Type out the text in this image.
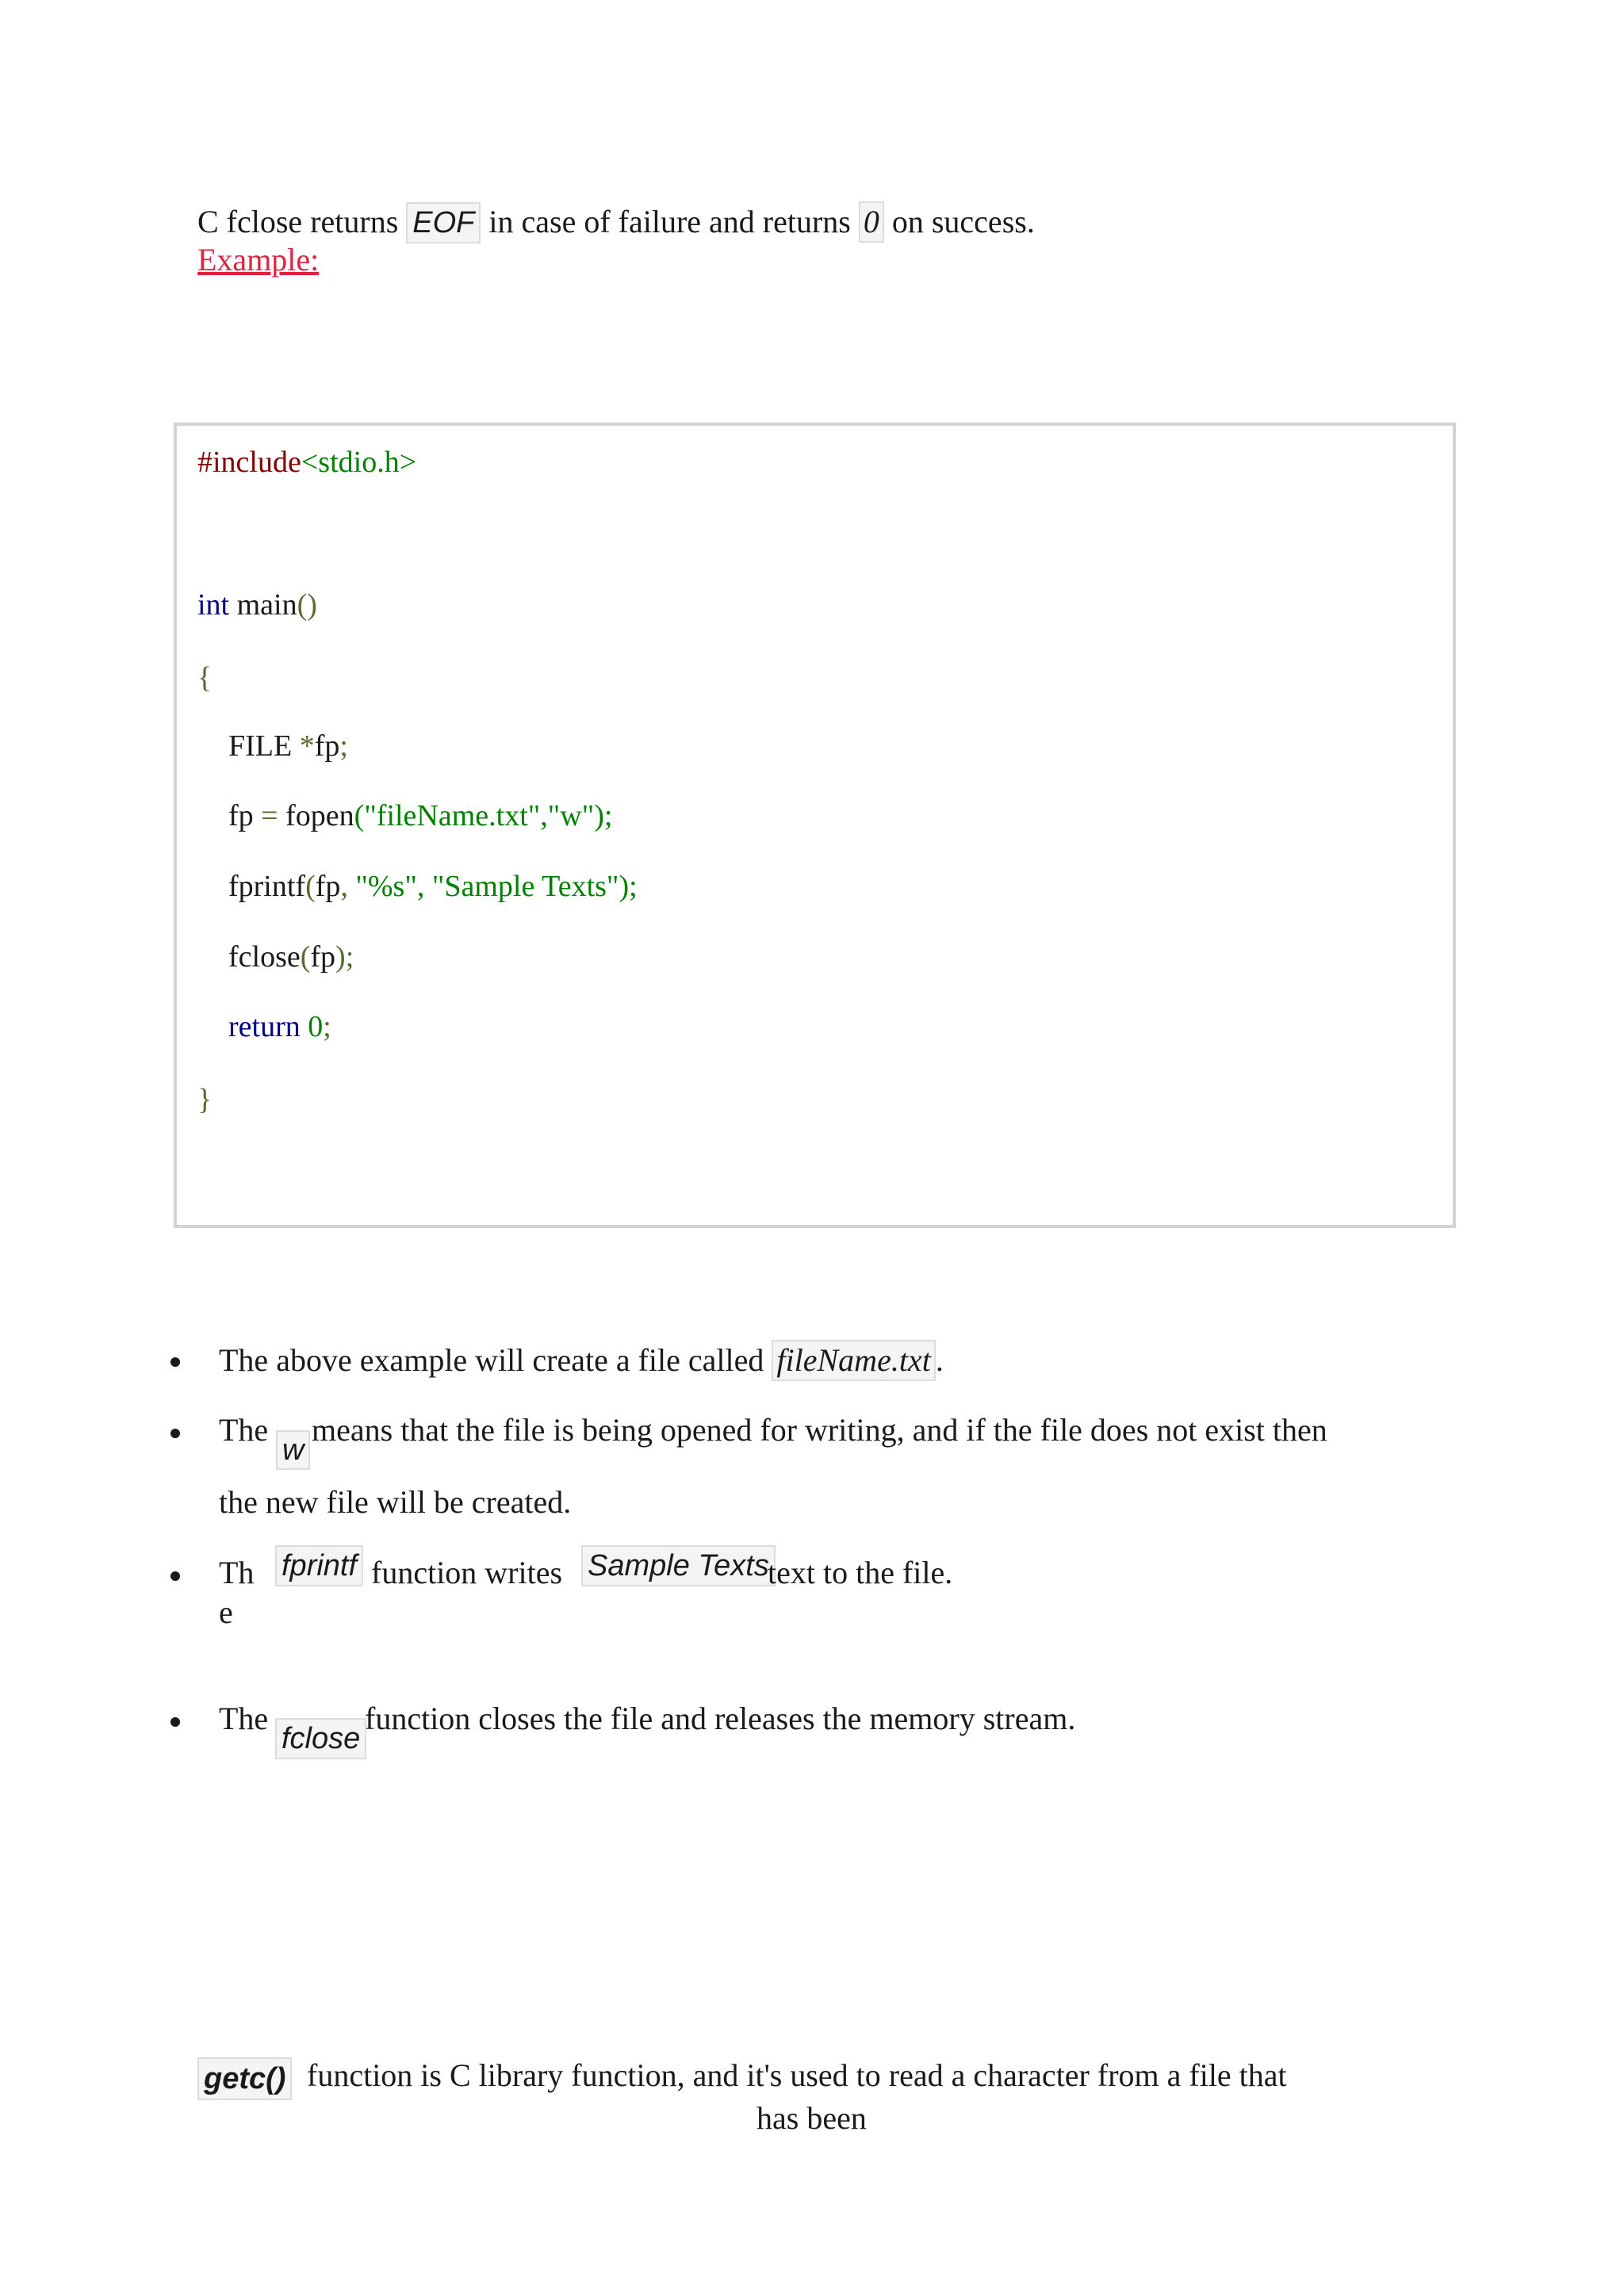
C fclose returns EOF in case of failure and returns 0 on success.
Example:
#include<stdio.h>
int main()
{
FILE *fp;
fp = fopen("fileName.txt","w");
fprintf(fp, "%s", "Sample Texts");
fclose(fp);
return 0;
}
The above example will create a file called fileName.txt .
The
w
means that the file is being opened for writing, and if the file does not exist then
the new file will be created.
Th
e
fprintf function writes Sample Texts
text to the file.
The
fclose
function closes the file and releases the memory stream.
getc() function is C library function, and it's used to read a character from a file that
has been
